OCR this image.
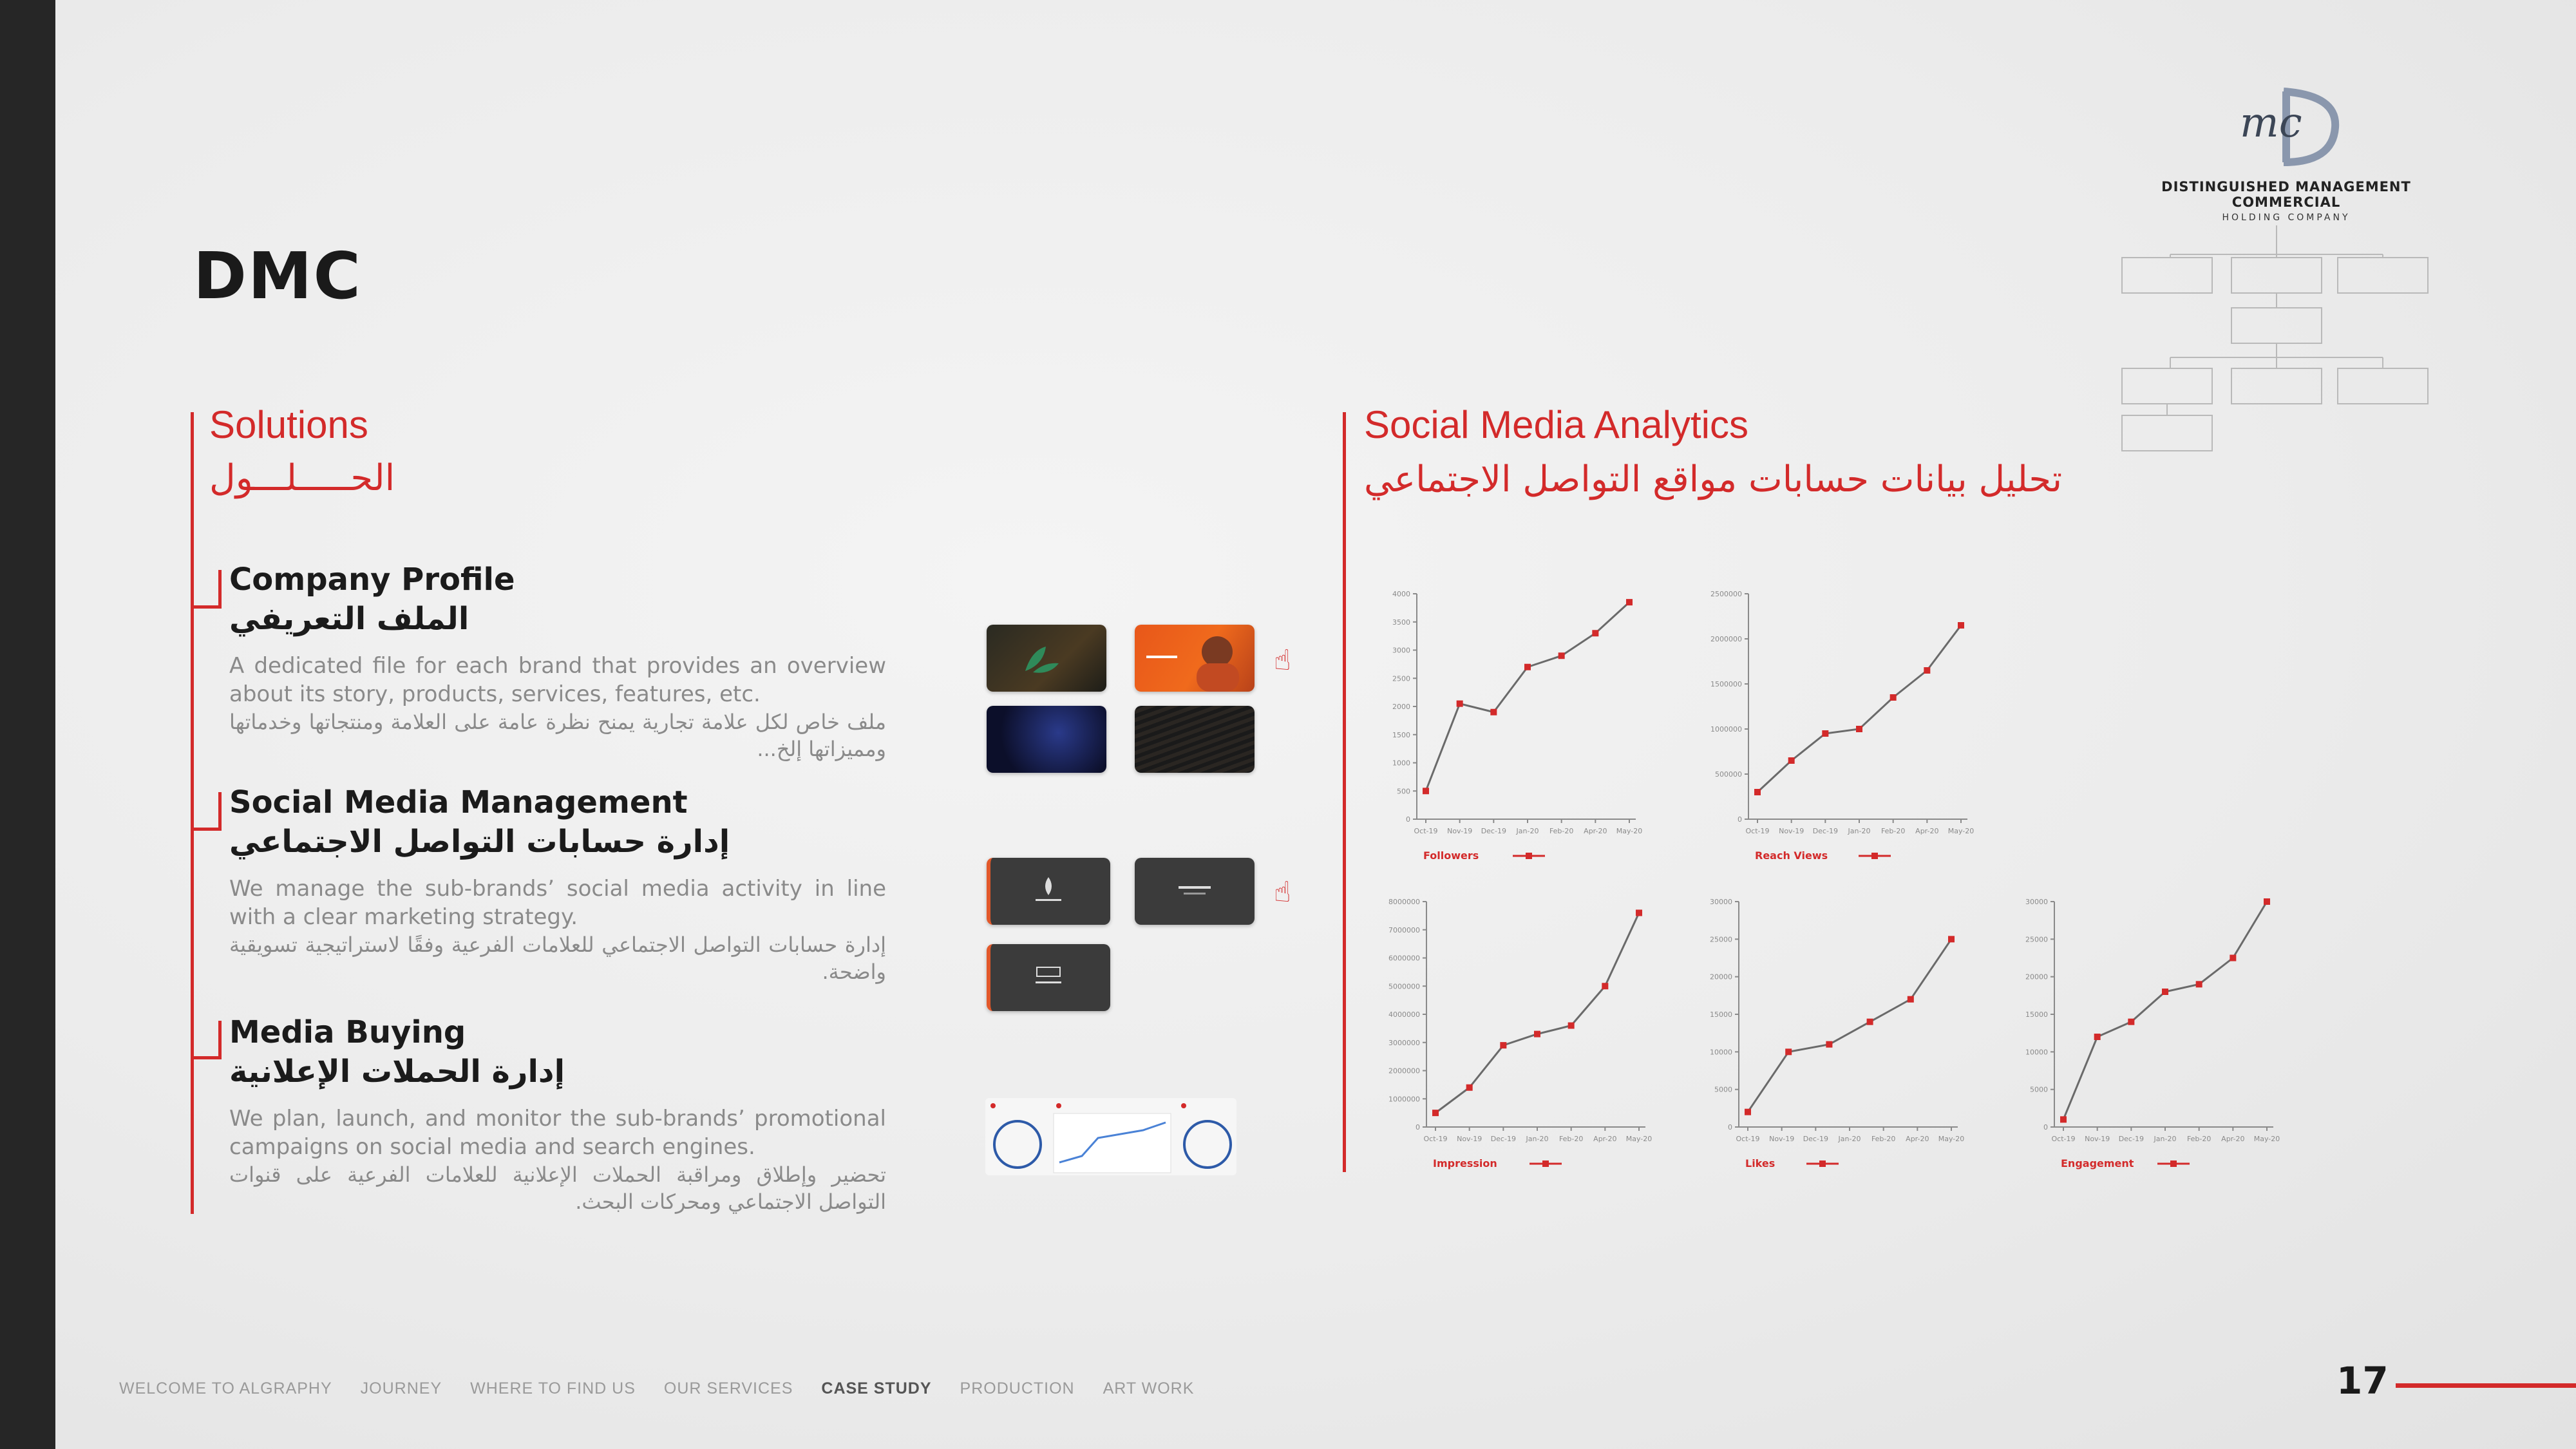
DMC
mc
DISTINGUISHED MANAGEMENT COMMERCIAL
HOLDING COMPANY
Solutions
الحـــــلـــول
Company Profile
الملف التعريفي
A dedicated file for each brand that provides an overview about its story, products, services, features, etc.
ملف خاص لكل علامة تجارية يمنح نظرة عامة على العلامة ومنتجاتها وخدماتها ومميزاتها إلخ...
Social Media Management
إدارة حسابات التواصل الاجتماعي
We manage the sub-brands’ social media activity in line with a clear marketing strategy.
إدارة حسابات التواصل الاجتماعي للعلامات الفرعية وفقًا لاستراتيجية تسويقية واضحة.
Media Buying
إدارة الحملات الإعلانية
We plan, launch, and monitor the sub-brands’ promotional campaigns on social media and search engines.
تحضير وإطلاق ومراقبة الحملات الإعلانية للعلامات الفرعية على قنوات التواصل الاجتماعي ومحركات البحث.
☝
☝
Social Media Analytics
تحليل بيانات حسابات مواقع التواصل الاجتماعي
0
500
1000
1500
2000
2500
3000
3500
4000
Oct-19 Nov-19 Dec-19 Jan-20 Feb-20 Apr-20 May-20
Followers
0
500000
1000000
1500000
2000000
2500000
Oct-19 Nov-19 Dec-19 Jan-20 Feb-20 Apr-20 May-20
Reach Views
0
1000000
2000000
3000000
4000000
5000000
6000000
7000000
8000000
Oct-19 Nov-19 Dec-19 Jan-20 Feb-20 Apr-20 May-20
Impression
0
5000
10000
15000
20000
25000
30000
Oct-19 Nov-19 Dec-19 Jan-20 Feb-20 Apr-20 May-20
Likes
0
5000
10000
15000
20000
25000
30000
Oct-19 Nov-19 Dec-19 Jan-20 Feb-20 Apr-20 May-20
Engagement
WELCOME TO ALGRAPHY JOURNEY WHERE TO FIND US OUR SERVICES CASE STUDY PRODUCTION ART WORK	17
